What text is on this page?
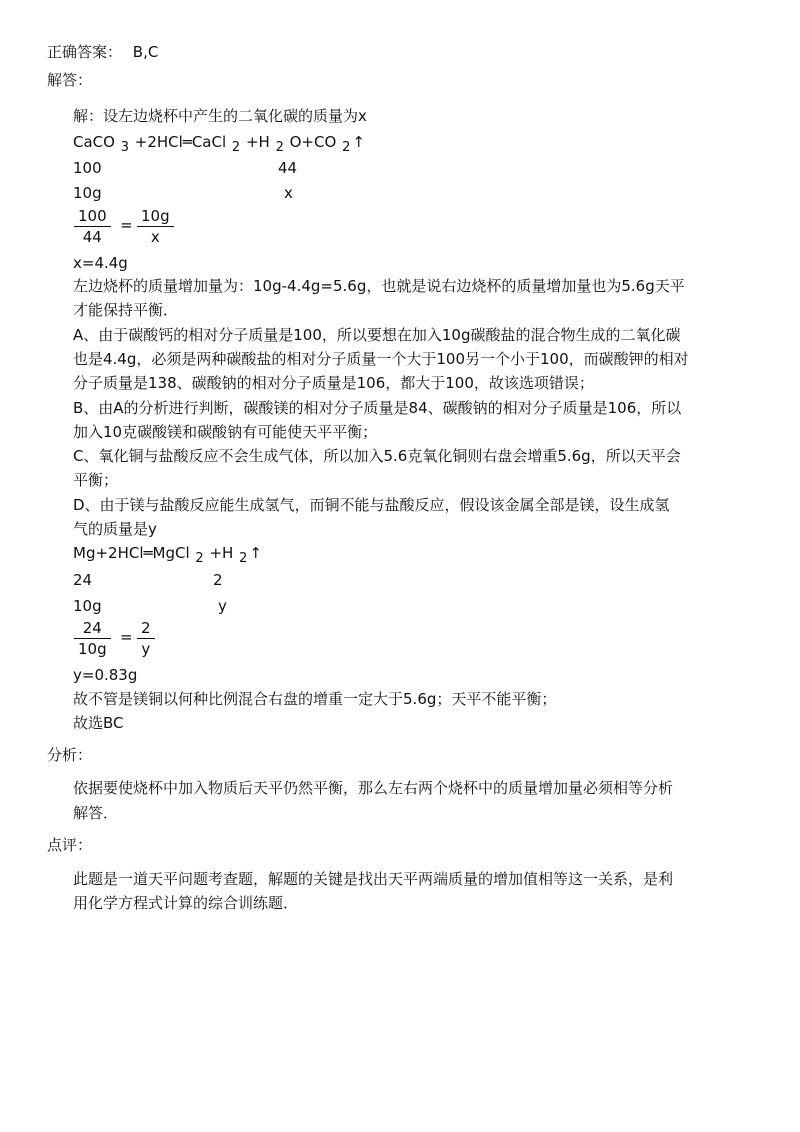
正确答案： B,C
解答：
解：设左边烧杯中产生的二氧化碳的质量为x
CaCO 3 +2HCl═CaCl 2 +H 2 O+CO 2 ↑
100	44
10g	x
$\frac{100}{44} = \frac{10g}{x}$
x=4.4g
左边烧杯的质量增加量为：10g-4.4g=5.6g，也就是说右边烧杯的质量增加量也为5.6g天平
才能保持平衡．
A、由于碳酸钙的相对分子质量是100，所以要想在加入10g碳酸盐的混合物生成的二氧化碳
也是4.4g，必须是两种碳酸盐的相对分子质量一个大于100另一个小于100，而碳酸钾的相对
分子质量是138、碳酸钠的相对分子质量是106，都大于100，故该选项错误；
B、由A的分析进行判断，碳酸镁的相对分子质量是84、碳酸钠的相对分子质量是106，所以
加入10克碳酸镁和碳酸钠有可能使天平平衡；
C、氧化铜与盐酸反应不会生成气体，所以加入5.6克氧化铜则右盘会增重5.6g，所以天平会
平衡；
D、由于镁与盐酸反应能生成氢气，而铜不能与盐酸反应，假设该金属全部是镁，设生成氢
气的质量是y
Mg+2HCl═MgCl 2 +H 2 ↑
24	2
10g	y
$\frac{24}{10g} = \frac{2}{y}$
y=0.83g
故不管是镁铜以何种比例混合右盘的增重一定大于5.6g；天平不能平衡；
故选BC
分析：
依据要使烧杯中加入物质后天平仍然平衡，那么左右两个烧杯中的质量增加量必须相等分析
解答．
点评：
此题是一道天平问题考查题，解题的关键是找出天平两端质量的增加值相等这一关系，是利
用化学方程式计算的综合训练题．
